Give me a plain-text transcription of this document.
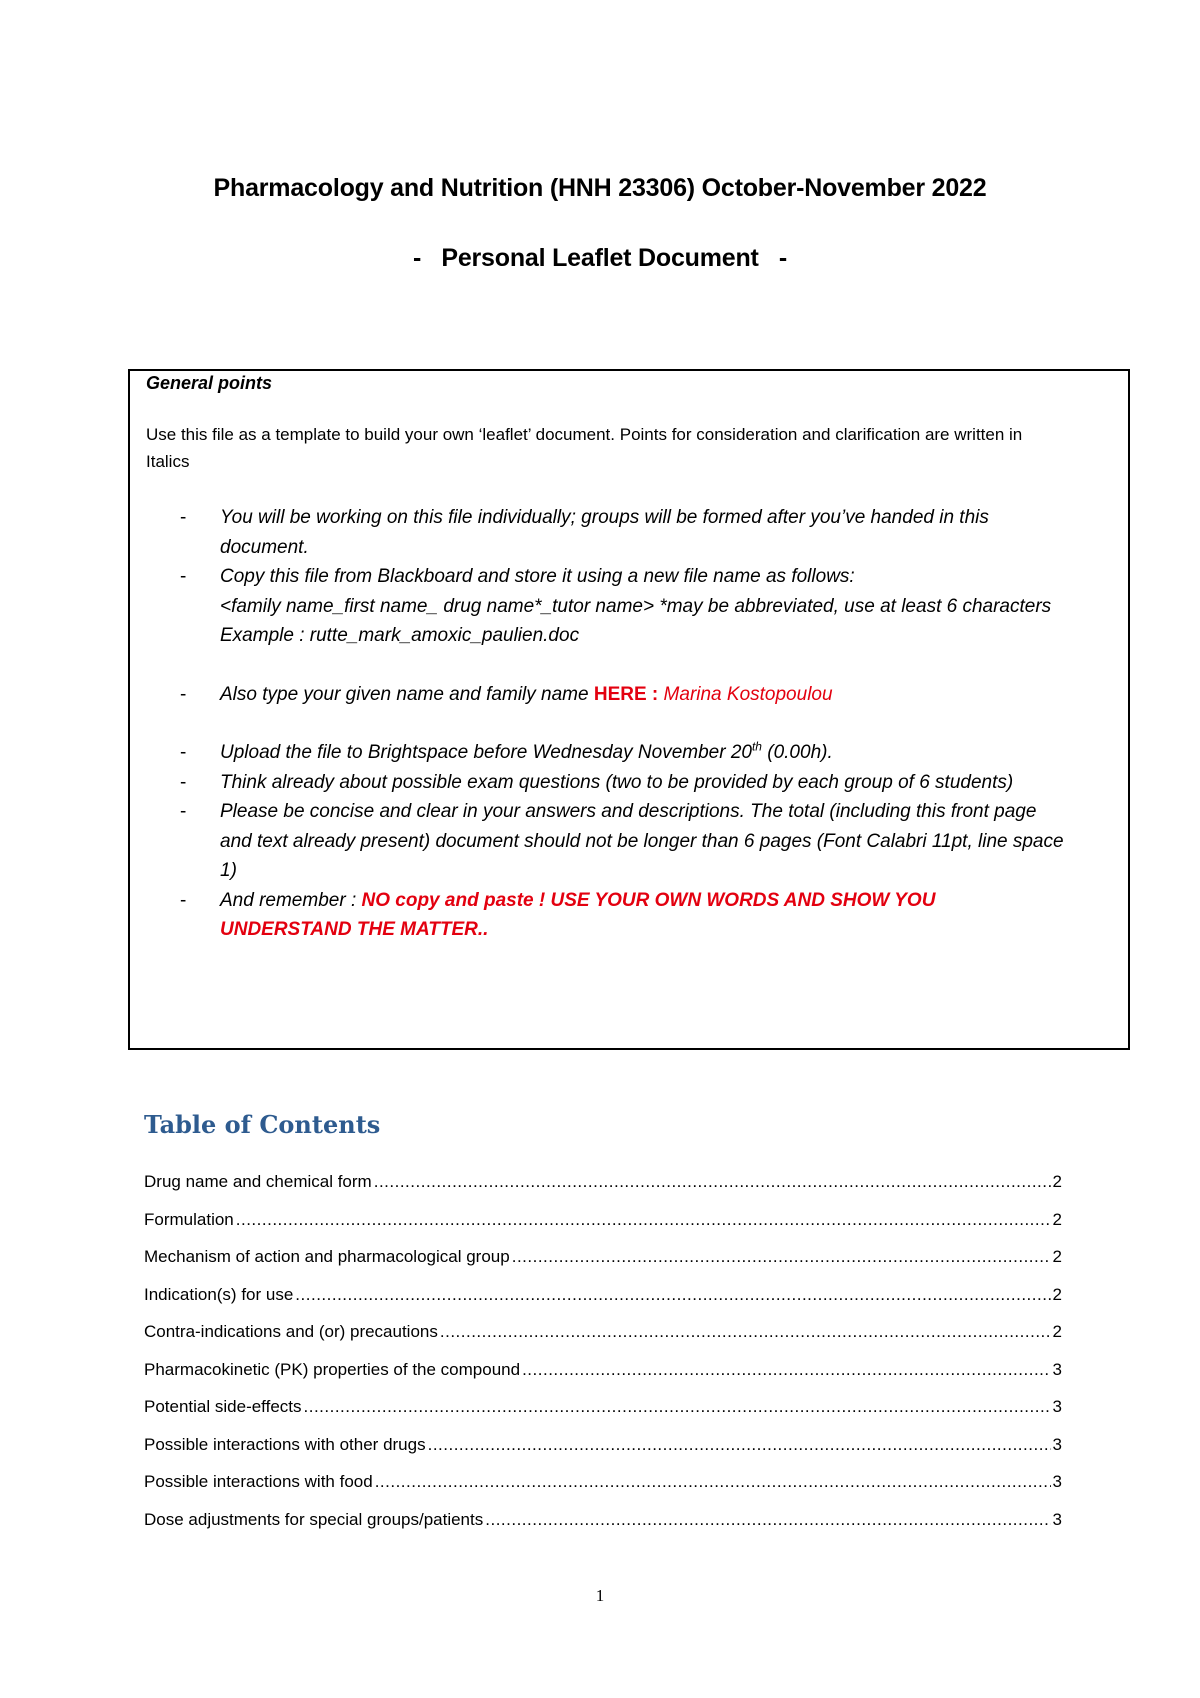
Pharmacology and Nutrition (HNH 23306) October-November 2022
-   Personal Leaflet Document   -
General points
Use this file as a template to build your own ‘leaflet’ document. Points for consideration and clarification are written in Italics
- You will be working on this file individually; groups will be formed after you’ve handed in this document.
- Copy this file from Blackboard and store it using a new file name as follows:
<family name_first name_ drug name*_tutor name> *may be abbreviated, use at least 6 characters
Example : rutte_mark_amoxic_paulien.doc
- Also type your given name and family name HERE : Marina Kostopoulou
- Upload the file to Brightspace before Wednesday November 20th (0.00h).
- Think already about possible exam questions (two to be provided by each group of 6 students)
- Please be concise and clear in your answers and descriptions. The total (including this front page and text already present) document should not be longer than 6 pages (Font Calabri 11pt, line space 1)
- And remember : NO copy and paste ! USE YOUR OWN WORDS AND SHOW YOU UNDERSTAND THE MATTER..
Table of Contents
Drug name and chemical form .....	2
Formulation .....	2
Mechanism of action and pharmacological group .....	2
Indication(s) for use .....	2
Contra-indications and (or) precautions .....	2
Pharmacokinetic (PK) properties of the compound .....	3
Potential side-effects .....	3
Possible interactions with other drugs .....	3
Possible interactions with food .....	3
Dose adjustments for special groups/patients .....	3
1
